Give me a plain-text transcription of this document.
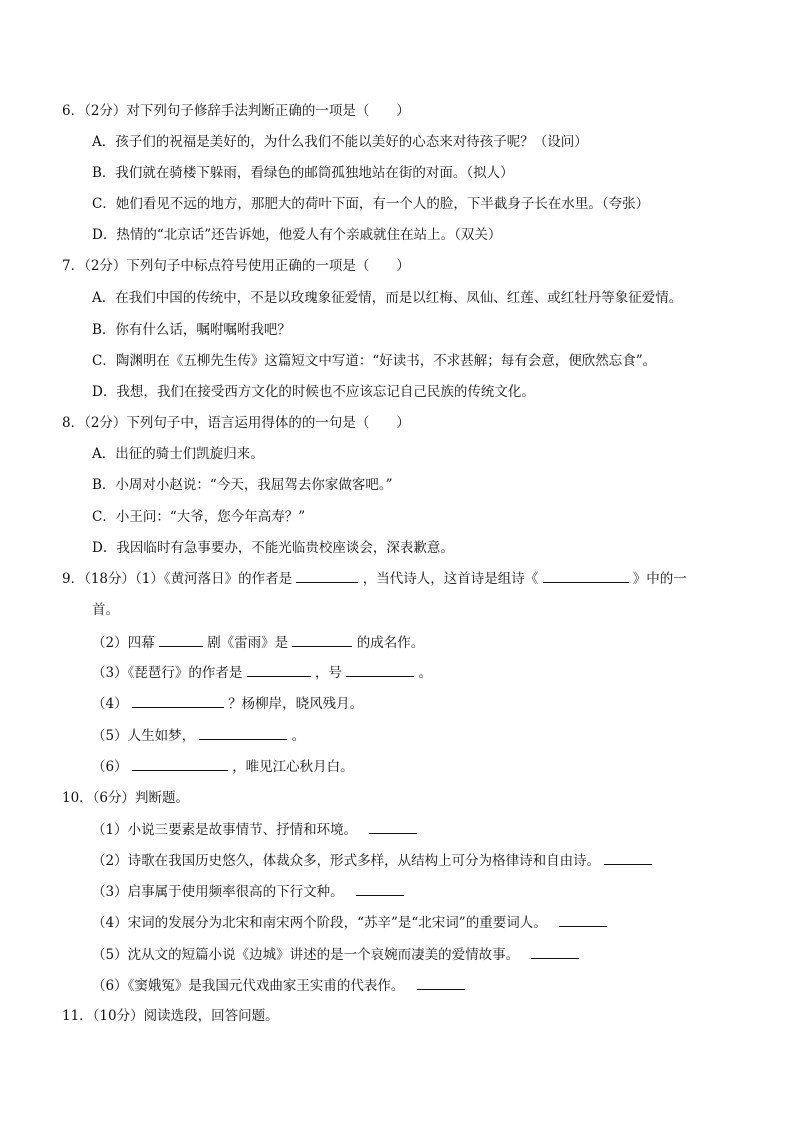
6．（2分）对下列句子修辞手法判断正确的一项是（　　）
A．孩子们的祝福是美好的，为什么我们不能以美好的心态来对待孩子呢？（设问）
B．我们就在骑楼下躲雨，看绿色的邮筒孤独地站在街的对面。（拟人）
C．她们看见不远的地方，那肥大的荷叶下面，有一个人的脸，下半截身子长在水里。（夸张）
D．热情的“北京话”还告诉她，他爱人有个亲戚就住在站上。（双关）
7．（2分）下列句子中标点符号使用正确的一项是（　　）
A．在我们中国的传统中，不是以玫瑰象征爱情，而是以红梅、凤仙、红莲、或红牡丹等象征爱情。
B．你有什么话，嘱咐嘱咐我吧？
C．陶渊明在《五柳先生传》这篇短文中写道：“好读书，不求甚解；每有会意，便欣然忘食”。
D．我想，我们在接受西方文化的时候也不应该忘记自己民族的传统文化。
8．（2分）下列句子中，语言运用得体的的一句是（　　）
A．出征的骑士们凯旋归来。
B．小周对小赵说：“今天，我屈驾去你家做客吧。”
C．小王问：“大爷，您今年高寿？”
D．我因临时有急事要办，不能光临贵校座谈会，深表歉意。
9．（18分）（1）《黄河落日》的作者是	，当代诗人，这首诗是组诗《	》中的一
首。
（2）四幕	剧《雷雨》是	的成名作。
（3）《琵琶行》的作者是	，号	。
（4）	？杨柳岸，晓风残月。
（5）人生如梦，	。
（6）	，唯见江心秋月白。
10．（6分）判断题。
（1）小说三要素是故事情节、抒情和环境。
（2）诗歌在我国历史悠久，体裁众多，形式多样，从结构上可分为格律诗和自由诗。
（3）启事属于使用频率很高的下行文种。
（4）宋词的发展分为北宋和南宋两个阶段，“苏辛”是“北宋词”的重要词人。
（5）沈从文的短篇小说《边城》讲述的是一个哀婉而凄美的爱情故事。
（6）《窦娥冤》是我国元代戏曲家王实甫的代表作。
11．（10分）阅读选段，回答问题。
